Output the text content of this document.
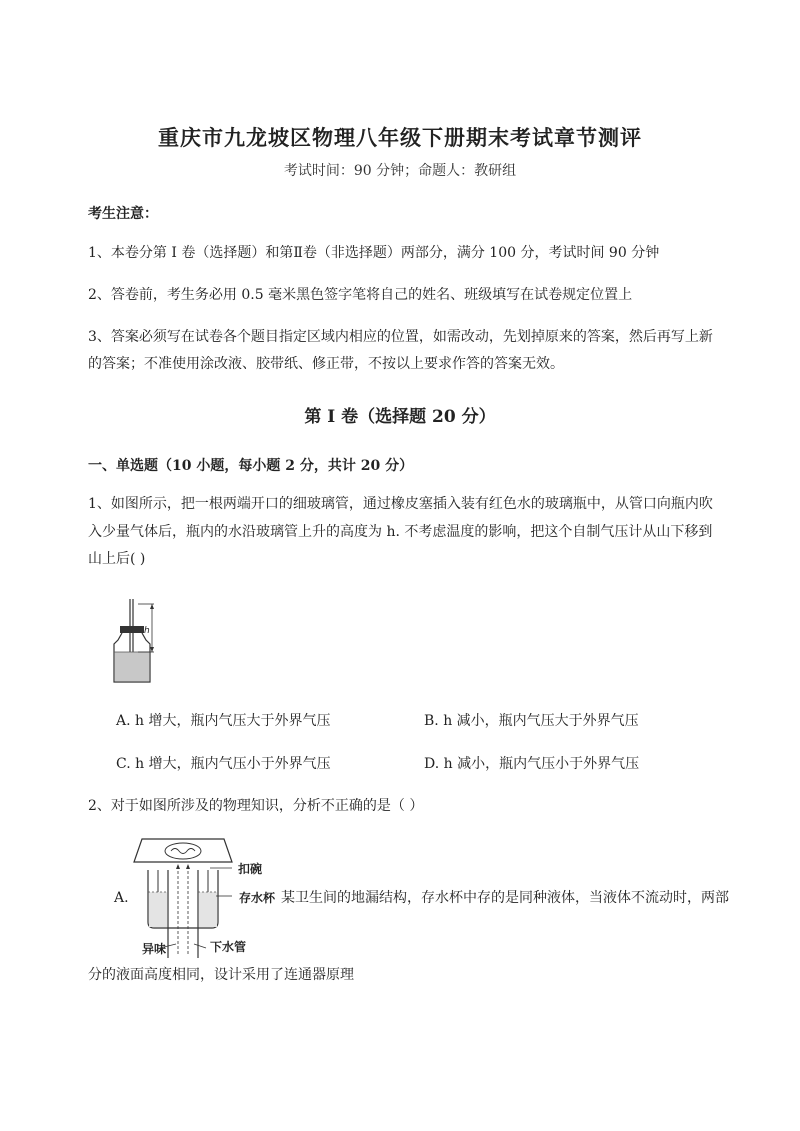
重庆市九龙坡区物理八年级下册期末考试章节测评
考试时间：90 分钟；命题人：教研组
考生注意：
1、本卷分第 I 卷（选择题）和第Ⅱ卷（非选择题）两部分，满分 100 分，考试时间 90 分钟
2、答卷前，考生务必用 0.5 毫米黑色签字笔将自己的姓名、班级填写在试卷规定位置上
3、答案必须写在试卷各个题目指定区域内相应的位置，如需改动，先划掉原来的答案，然后再写上新
的答案；不准使用涂改液、胶带纸、修正带，不按以上要求作答的答案无效。
第 I 卷（选择题 20 分）
一、单选题（10 小题，每小题 2 分，共计 20 分）
1、如图所示，把一根两端开口的细玻璃管，通过橡皮塞插入装有红色水的玻璃瓶中，从管口向瓶内吹
入少量气体后，瓶内的水沿玻璃管上升的高度为 h. 不考虑温度的影响，把这个自制气压计从山下移到
山上后( )
h
A. h 增大，瓶内气压大于外界气压	B. h 减小，瓶内气压大于外界气压
C. h 增大，瓶内气压小于外界气压	D. h 减小，瓶内气压小于外界气压
2、对于如图所涉及的物理知识，分析不正确的是（ ）
扣碗
存水杯
异味	下水管
A.	某卫生间的地漏结构，存水杯中存的是同种液体，当液体不流动时，两部
分的液面高度相同，设计采用了连通器原理
